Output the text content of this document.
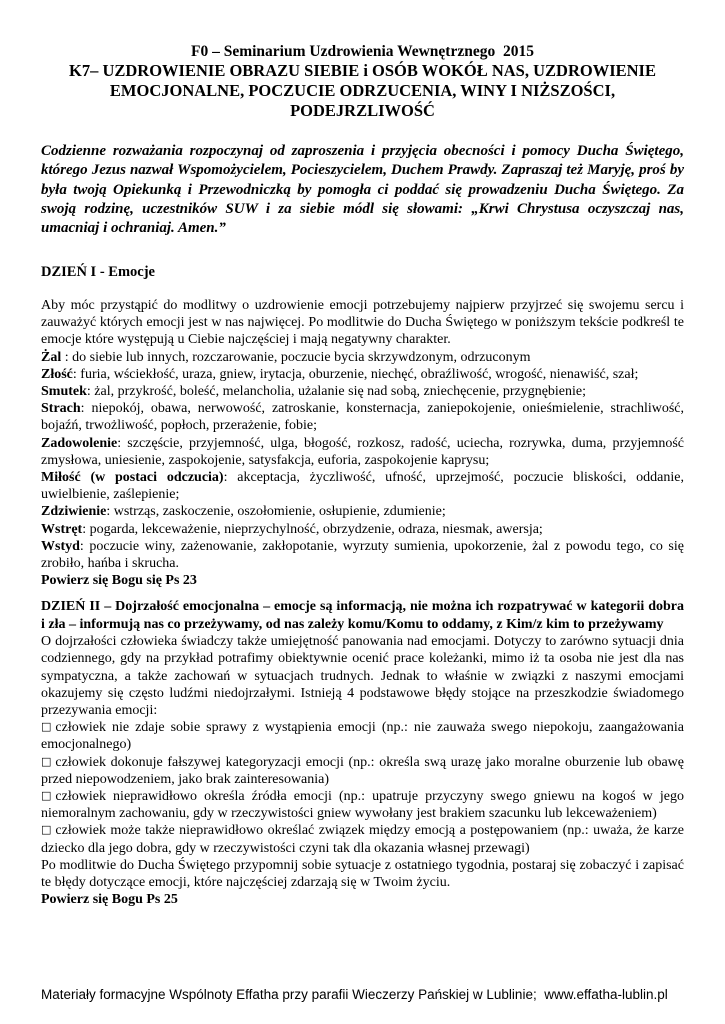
F0 – Seminarium Uzdrowienia Wewnętrznego  2015

K7– UZDROWIENIE OBRAZU SIEBIE i OSÓB WOKÓŁ NAS, UZDROWIENIE EMOCJONALNE, POCZUCIE ODRZUCENIA, WINY I NIŻSZOŚCI, PODEJRZLIWOŚĆ

Codzienne rozważania rozpoczynaj od zaproszenia i przyjęcia obecności i pomocy Ducha Świętego, którego Jezus nazwał Wspomożycielem, Pocieszycielem, Duchem Prawdy. Zapraszaj też Maryję, proś by była twoją Opiekunką i Przewodniczką by pomogła ci poddać się prowadzeniu Ducha Świętego. Za swoją rodzinę, uczestników SUW i za siebie módl się słowami: „Krwi Chrystusa oczyszczaj nas, umacniaj i ochraniaj. Amen.”

DZIEŃ I - Emocje

Aby móc przystąpić do modlitwy o uzdrowienie emocji potrzebujemy najpierw przyjrzeć się swojemu sercu i zauważyć których emocji jest w nas najwięcej. Po modlitwie do Ducha Świętego w poniższym tekście podkreśl te emocje które występują u Ciebie najczęściej i mają negatywny charakter.

Żal : do siebie lub innych, rozczarowanie, poczucie bycia skrzywdzonym, odrzuconym

Złość: furia, wściekłość, uraza, gniew, irytacja, oburzenie, niechęć, obraźliwość, wrogość, nienawiść, szał;

Smutek: żal, przykrość, boleść, melancholia, użalanie się nad sobą, zniechęcenie, przygnębienie;

Strach: niepokój, obawa, nerwowość, zatroskanie, konsternacja, zaniepokojenie, onieśmielenie, strachliwość, bojaźń, trwożliwość, popłoch, przerażenie, fobie;

Zadowolenie: szczęście, przyjemność, ulga, błogość, rozkosz, radość, uciecha, rozrywka, duma, przyjemność zmysłowa, uniesienie, zaspokojenie, satysfakcja, euforia, zaspokojenie kaprysu;

Miłość (w postaci odczucia): akceptacja, życzliwość, ufność, uprzejmość, poczucie bliskości, oddanie, uwielbienie, zaślepienie;

Zdziwienie: wstrząs, zaskoczenie, oszołomienie, osłupienie, zdumienie;

Wstręt: pogarda, lekceważenie, nieprzychylność, obrzydzenie, odraza, niesmak, awersja;

Wstyd: poczucie winy, zażenowanie, zakłopotanie, wyrzuty sumienia, upokorzenie, żal z powodu tego, co się zrobiło, hańba i skrucha.

Powierz się Bogu się Ps 23

DZIEŃ II – Dojrzałość emocjonalna – emocje są informacją, nie można ich rozpatrywać w kategorii dobra i zła – informują nas co przeżywamy, od nas zależy komu/Komu to oddamy, z Kim/z kim to przeżywamy

O dojrzałości człowieka świadczy także umiejętność panowania nad emocjami. Dotyczy to zarówno sytuacji dnia codziennego, gdy na przykład potrafimy obiektywnie ocenić prace koleżanki, mimo iż ta osoba nie jest dla nas sympatyczna, a także zachowań w sytuacjach trudnych. Jednak to właśnie w związki z naszymi emocjami okazujemy się często ludźmi niedojrzałymi. Istnieją 4 podstawowe błędy stojące na przeszkodzie świadomego przezywania emocji:

□ człowiek nie zdaje sobie sprawy z wystąpienia emocji (np.: nie zauważa swego niepokoju, zaangażowania emocjonalnego)

□ człowiek dokonuje fałszywej kategoryzacji emocji (np.: określa swą urazę jako moralne oburzenie lub obawę przed niepowodzeniem, jako brak zainteresowania)

□ człowiek nieprawidłowo określa źródła emocji (np.: upatruje przyczyny swego gniewu na kogoś w jego niemoralnym zachowaniu, gdy w rzeczywistości gniew wywołany jest brakiem szacunku lub lekceważeniem)

□ człowiek może także nieprawidłowo określać związek między emocją a postępowaniem (np.: uważa, że karze dziecko dla jego dobra, gdy w rzeczywistości czyni tak dla okazania własnej przewagi)

Po modlitwie do Ducha Świętego przypomnij sobie sytuacje z ostatniego tygodnia, postaraj się zobaczyć i zapisać te błędy dotyczące emocji, które najczęściej zdarzają się w Twoim życiu.

Powierz się Bogu Ps 25

Materiały formacyjne Wspólnoty Effatha przy parafii Wieczerzy Pańskiej w Lublinie;  www.effatha-lublin.pl
